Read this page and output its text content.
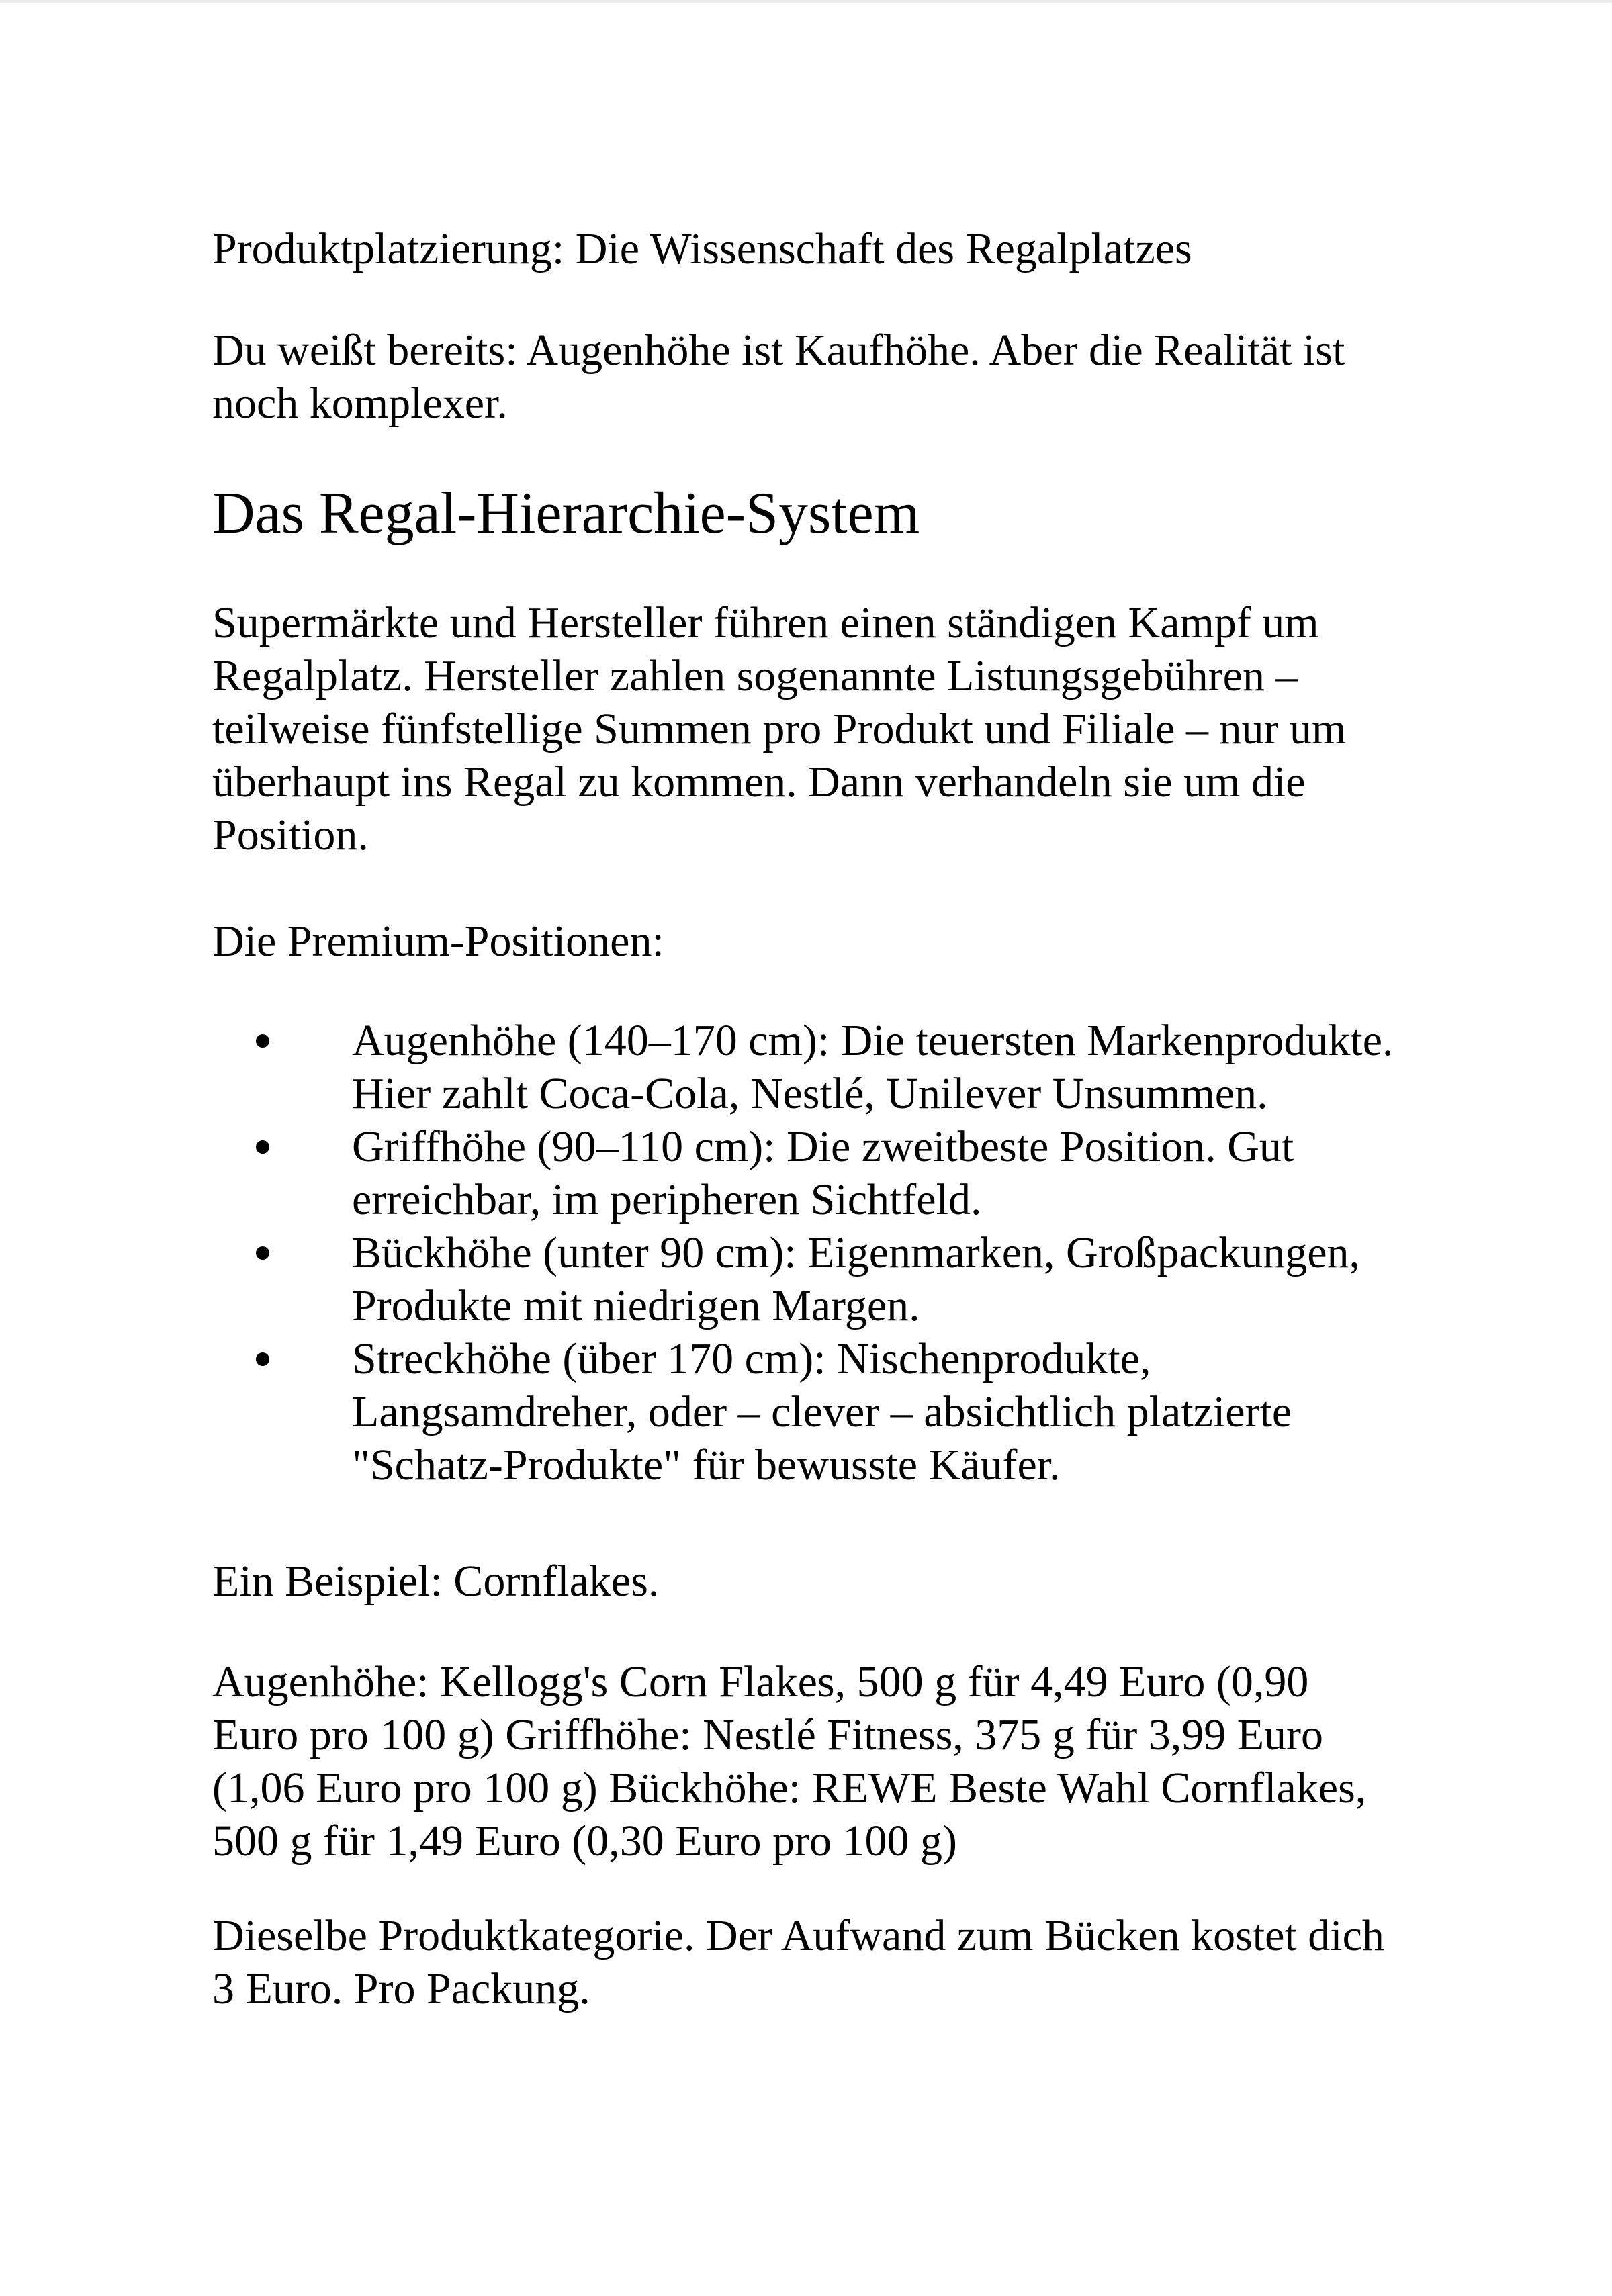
Produktplatzierung: Die Wissenschaft des Regalplatzes

Du weißt bereits: Augenhöhe ist Kaufhöhe. Aber die Realität ist noch komplexer.

Das Regal-Hierarchie-System

Supermärkte und Hersteller führen einen ständigen Kampf um Regalplatz. Hersteller zahlen sogenannte Listungsgebühren – teilweise fünfstellige Summen pro Produkt und Filiale – nur um überhaupt ins Regal zu kommen. Dann verhandeln sie um die Position.

Die Premium-Positionen:

Augenhöhe (140–170 cm): Die teuersten Markenprodukte. Hier zahlt Coca-Cola, Nestlé, Unilever Unsummen.
Griffhöhe (90–110 cm): Die zweitbeste Position. Gut erreichbar, im peripheren Sichtfeld.
Bückhöhe (unter 90 cm): Eigenmarken, Großpackungen, Produkte mit niedrigen Margen.
Streckhöhe (über 170 cm): Nischenprodukte, Langsamdreher, oder – clever – absichtlich platzierte "Schatz-Produkte" für bewusste Käufer.

Ein Beispiel: Cornflakes.

Augenhöhe: Kellogg's Corn Flakes, 500 g für 4,49 Euro (0,90 Euro pro 100 g) Griffhöhe: Nestlé Fitness, 375 g für 3,99 Euro (1,06 Euro pro 100 g) Bückhöhe: REWE Beste Wahl Cornflakes, 500 g für 1,49 Euro (0,30 Euro pro 100 g)

Dieselbe Produktkategorie. Der Aufwand zum Bücken kostet dich 3 Euro. Pro Packung.
